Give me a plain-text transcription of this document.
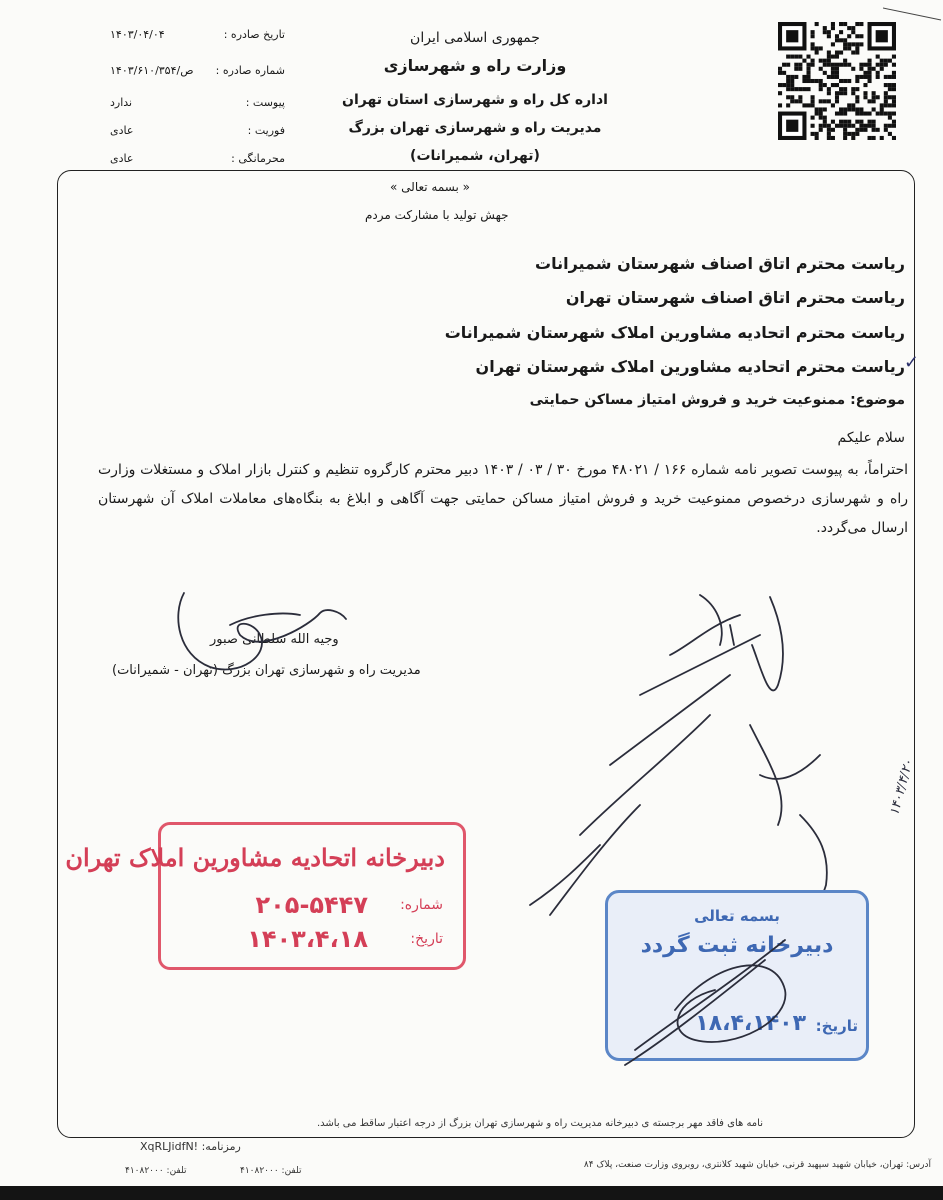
تاریخ صادره :
۱۴۰۳/۰۴/۰۴
شماره صادره :
۱۴۰۳/۶۱۰/۳۵۴/ص
پیوست :
ندارد
فوریت :
عادی
محرمانگی :
عادی
جمهوری اسلامی ایران
وزارت راه و شهرسازی
اداره کل راه و شهرسازی استان تهران
مدیریت راه و شهرسازی تهران بزرگ
(تهران، شمیرانات)
« بسمه تعالی »
جهش تولید با مشارکت مردم
ریاست محترم اتاق اصناف شهرستان شمیرانات
ریاست محترم اتاق اصناف شهرستان تهران
ریاست محترم اتحادیه مشاورین املاک شهرستان شمیرانات
ریاست محترم اتحادیه مشاورین املاک شهرستان تهران ✓
موضوع: ممنوعیت خرید و فروش امتیاز مساکن حمایتی
سلام علیکم
احتراماً، به پیوست تصویر نامه شماره ۱۶۶ / ۴۸۰۲۱ مورخ ۳۰ / ۰۳ / ۱۴۰۳ دبیر محترم کارگروه تنظیم و کنترل بازار املاک و مستغلات وزارت راه و شهرسازی درخصوص ممنوعیت خرید و فروش امتیاز مساکن حمایتی جهت آگاهی و ابلاغ به بنگاه‌های معاملات املاک آن شهرستان ارسال می‌گردد.
وجیه الله سلطانی صبور
مدیریت راه و شهرسازی تهران بزرگ (تهران - شمیرانات)
۱۴۰۳/۴/۲۰
دبیرخانه اتحادیه مشاورین املاک تهران
شماره:
۲۰۵-۵۴۴۷
تاریخ:
۱۴۰۳،۴،۱۸
بسمه تعالی
دبیرخانه ثبت گردد
تاریخ:
۱۸،۴،۱۴۰۳
نامه های فاقد مهر برجسته ی دبیرخانه مدیریت راه و شهرسازی تهران بزرگ از درجه اعتبار ساقط می باشد.
رمزنامه: XqRLJidfN!
آدرس: تهران، خیابان شهید سپهبد قرنی، خیابان شهید کلانتری، روبروی وزارت صنعت، پلاک ۸۴
تلفن: ۴۱۰۸۲۰۰۰
تلفن: ۴۱۰۸۲۰۰۰
